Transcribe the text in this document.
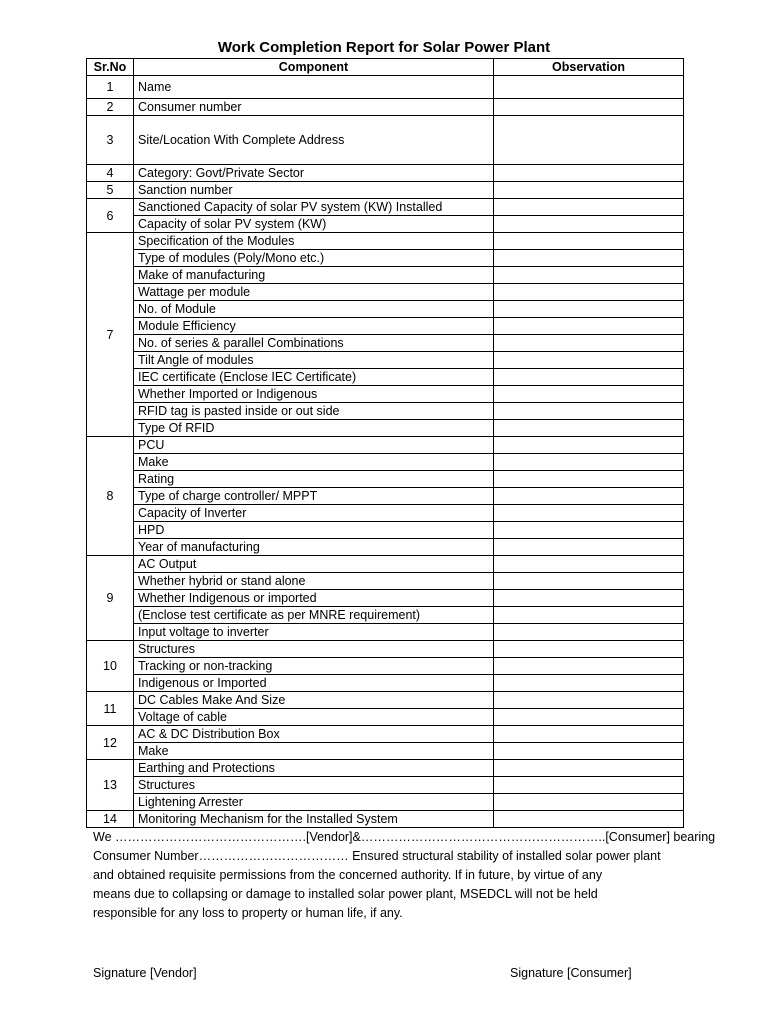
Work Completion Report for Solar Power Plant
Sr.No	Component	Observation
1	Name	
2	Consumer number	
3	Site/Location With Complete Address	
4	Category: Govt/Private Sector	
5	Sanction number	
6	Sanctioned Capacity of solar PV system (KW) Installed	
	Capacity of solar PV system (KW)	
7	Specification of the Modules	
	Type of modules (Poly/Mono etc.)	
	Make of manufacturing	
	Wattage per module	
	No. of Module	
	Module Efficiency	
	No. of series & parallel Combinations	
	Tilt Angle of modules	
	IEC certificate (Enclose IEC Certificate)	
	Whether Imported or Indigenous	
	RFID tag is pasted inside or out side	
	Type Of RFID	
8	PCU	
	Make	
	Rating	
	Type of charge controller/ MPPT	
	Capacity of Inverter	
	HPD	
	Year of manufacturing	
9	AC Output	
	Whether hybrid or stand alone	
	Whether Indigenous or imported	
	(Enclose test certificate as per MNRE requirement)	
	Input voltage to inverter	
10	Structures	
	Tracking or non-tracking	
	Indigenous or Imported	
11	DC Cables Make And Size	
	Voltage of cable	
12	AC & DC Distribution Box	
	Make	
13	Earthing and Protections	
	Structures	
	Lightening Arrester	
14	Monitoring Mechanism for the Installed System	

We ……………………………………….[Vendor]&…………………………………………………..[Consumer] bearing

Consumer Number……………………………… Ensured structural stability of installed solar power plant

and obtained requisite permissions from the concerned authority. If in future, by virtue of any

means due to collapsing or damage to installed solar power plant, MSEDCL will not be held

responsible for any loss to property or human life, if any.

Signature [Vendor]	Signature [Consumer]
